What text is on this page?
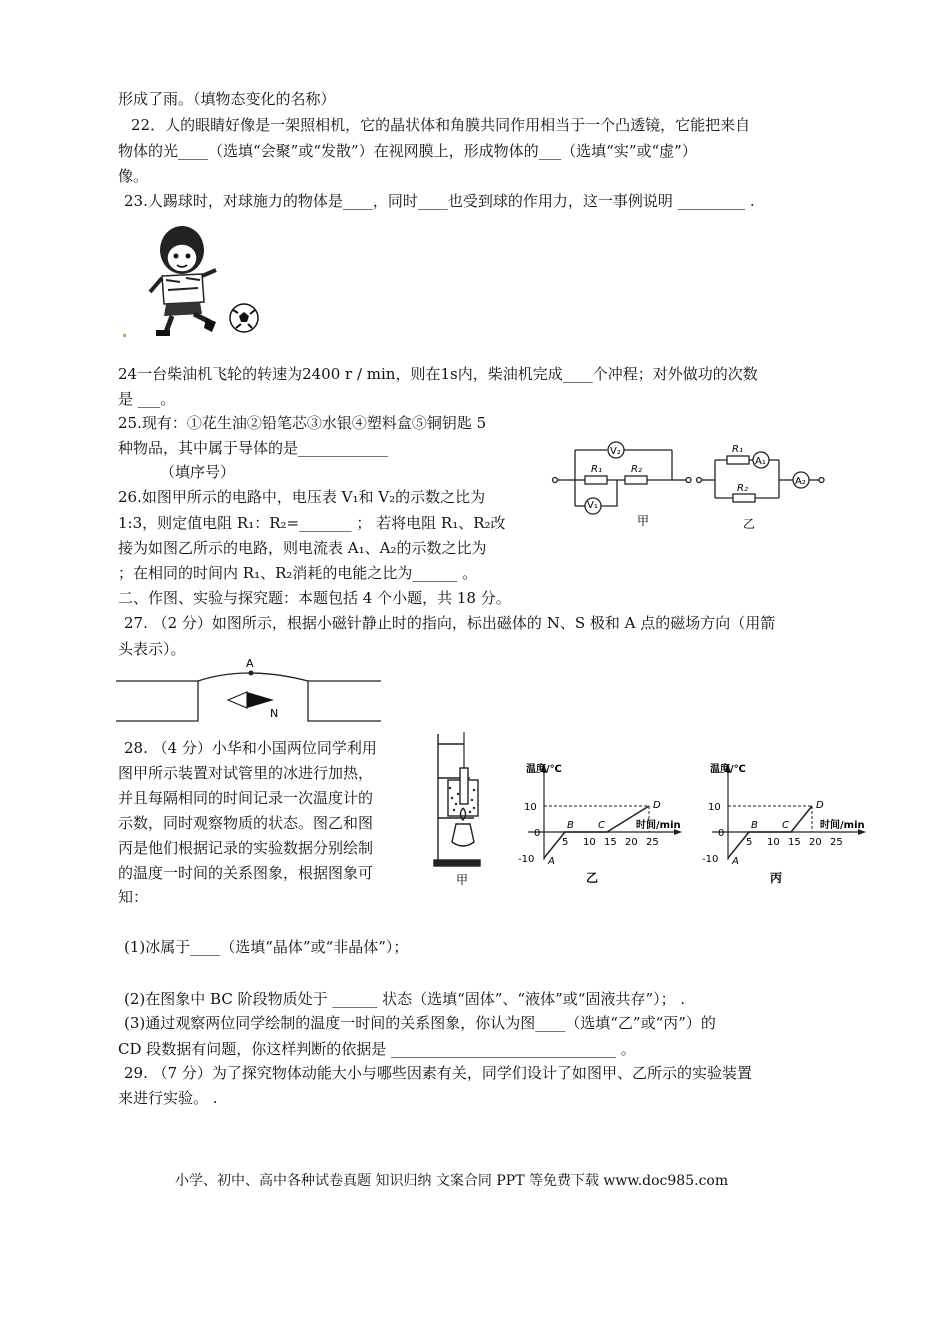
形成了雨。（填物态变化的名称）
22．人的眼睛好像是一架照相机，它的晶状体和角膜共同作用相当于一个凸透镜，它能把来自
物体的光____（选填“会聚”或“发散”）在视网膜上，形成物体的___（选填“实”或“虚”）
像。
23.人踢球时，对球施力的物体是____，同时____也受到球的作用力，这一事例说明 _________ .
24一台柴油机飞轮的转速为2400 r / min，则在1s内，柴油机完成____个冲程；对外做功的次数
是 ___。
25.现有：①花生油②铅笔芯③水银④塑料盒⑤铜钥匙 5
种物品，其中属于导体的是____________
（填序号）
26.如图甲所示的电路中，电压表 V₁和 V₂的示数之比为
1:3，则定值电阻 R₁：R₂=_______ ； 若将电阻 R₁、R₂改
接为如图乙所示的电路，则电流表 A₁、A₂的示数之比为
；在相同的时间内 R₁、R₂消耗的电能之比为______ 。
二、作图、实验与探究题：本题包括 4 个小题，共 18 分。
V₂
V₁
R₁	R₂
甲
R₁
R₂
A₁
A₂
乙
27. （2 分）如图所示，根据小磁针静止时的指向，标出磁体的 N、S 极和 A 点的磁场方向（用箭
头表示）。
A
N
28. （4 分）小华和小国两位同学利用
图甲所示装置对试管里的冰进行加热，
并且每隔相同的时间记录一次温度计的
示数，同时观察物质的状态。图乙和图
丙是他们根据记录的实验数据分别绘制
的温度一时间的关系图象，根据图象可
知：
甲
温度/℃
时间/min
5 10 15 20 25
10
0
-10 A
B C
D
乙
温度/℃
时间/min
5 10 15 20 25
10
0
-10 A
B C
D
丙
(1)冰属于____（选填“晶体”或“非晶体”）；
(2)在图象中 BC 阶段物质处于 ______ 状态（选填“固体”、“液体”或“固液共存”）； .
(3)通过观察两位同学绘制的温度一时间的关系图象，你认为图____（选填“乙”或“丙”）的
CD 段数据有问题，你这样判断的依据是 ______________________________ 。
29. （7 分）为了探究物体动能大小与哪些因素有关，同学们设计了如图甲、乙所示的实验装置
来进行实验。 .
小学、初中、高中各种试卷真题 知识归纳 文案合同 PPT 等免费下载 www.doc985.com
